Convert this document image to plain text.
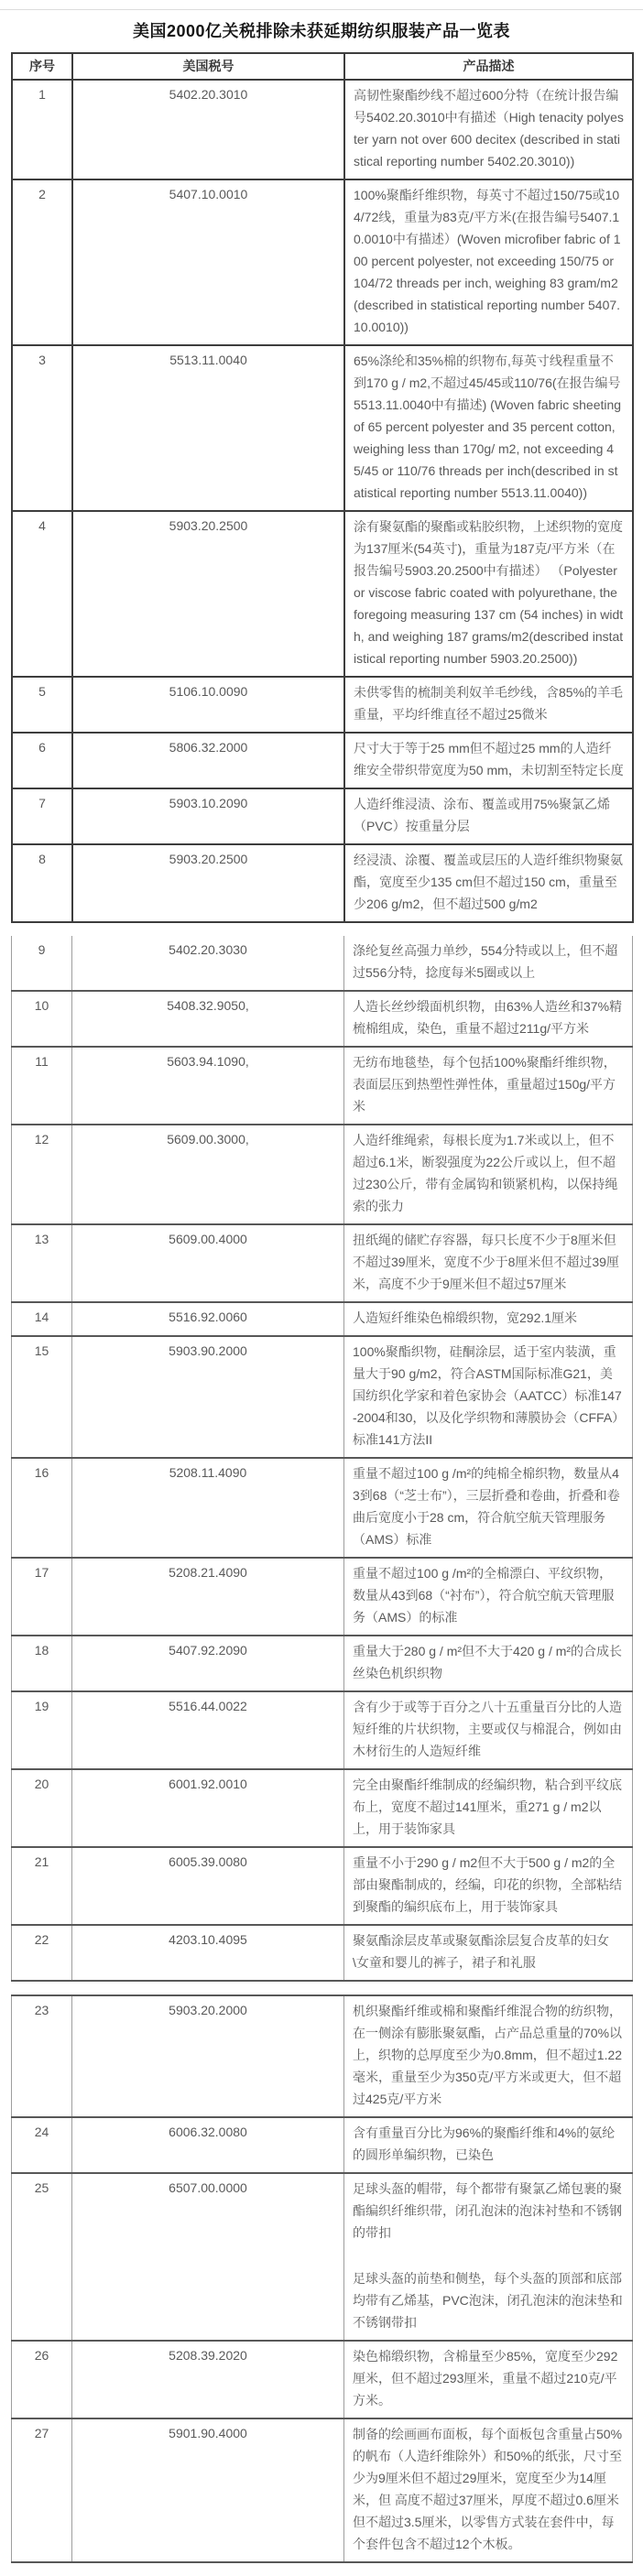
美国2000亿关税排除未获延期纺织服装产品一览表
序号	美国税号	产品描述
1	5402.20.3010	高韧性聚酯纱线不超过600分特（在统计报告编号5402.20.3010中有描述（High tenacity polyester yarn not over 600 decitex (described in statistical reporting number 5402.20.3010))

2	5407.10.0010	100%聚酯纤维织物，每英寸不超过150/75或104/72线，重量为83克/平方米(在报告编号5407.10.0010中有描述）(Woven microfiber fabric of 100 percent polyester, not exceeding 150/75 or 104/72 threads per inch, weighing 83 gram/m2(described in statistical reporting number 5407.10.0010))

3	5513.11.0040	65%涤纶和35%棉的织物布,每英寸线程重量不到170 g / m2,不超过45/45或110/76(在报告编号5513.11.0040中有描述) (Woven fabric sheeting of 65 percent polyester and 35 percent cotton,weighing less than 170g/ m2, not exceeding 45/45 or 110/76 threads per inch(described in statistical reporting number 5513.11.0040))

4	5903.20.2500	涂有聚氨酯的聚酯或粘胶织物，上述织物的宽度为137厘米(54英寸)，重量为187克/平方米（在报告编号5903.20.2500中有描述） （Polyester or viscose fabric coated with polyurethane, the foregoing measuring 137 cm (54 inches) in width, and weighing 187 grams/m2(described instatistical reporting number 5903.20.2500))

5	5106.10.0090	未供零售的梳制美利奴羊毛纱线，含85%的羊毛重量，平均纤维直径不超过25微米

6	5806.32.2000	尺寸大于等于25 mm但不超过25 mm的人造纤维安全带织带宽度为50 mm，未切割至特定长度

7	5903.10.2090	人造纤维浸渍、涂布、覆盖或用75%聚氯乙烯（PVC）按重量分层

8	5903.20.2500	经浸渍、涂覆、覆盖或层压的人造纤维织物聚氨酯，宽度至少135 cm但不超过150 cm，重量至少206 g/m2，但不超过500 g/m2
9	5402.20.3030	涤纶复丝高强力单纱，554分特或以上，但不超过556分特，捻度每米5圈或以上

10	5408.32.9050,	人造长丝纱缎面机织物，由63%人造丝和37%精梳棉组成，染色，重量不超过211g/平方米

11	5603.94.1090,	无纺布地毯垫，每个包括100%聚酯纤维织物，表面层压到热塑性弹性体，重量超过150g/平方米

12	5609.00.3000,	人造纤维绳索，每根长度为1.7米或以上，但不超过6.1米，断裂强度为22公斤或以上，但不超过230公斤，带有金属钩和锁紧机构，以保持绳索的张力

13	5609.00.4000	扭纸绳的储贮存容器，每只长度不少于8厘米但不超过39厘米，宽度不少于8厘米但不超过39厘米，高度不少于9厘米但不超过57厘米

14	5516.92.0060	人造短纤维染色棉缎织物，宽292.1厘米

15	5903.90.2000	100%聚酯织物，硅酮涂层，适于室内装潢，重量大于90 g/m2，符合ASTM国际标准G21，美国纺织化学家和着色家协会（AATCC）标准147-2004和30，以及化学织物和薄膜协会（CFFA）标准141方法II

16	5208.11.4090	重量不超过100 g /m²的纯棉全棉织物，数量从43到68（“芝士布”），三层折叠和卷曲，折叠和卷曲后宽度小于28 cm，符合航空航天管理服务（AMS）标准

17	5208.21.4090	重量不超过100 g /m²的全棉漂白、平纹织物，数量从43到68（“衬布”），符合航空航天管理服务（AMS）的标准

18	5407.92.2090	重量大于280 g / m²但不大于420 g / m²的合成长丝染色机织织物

19	5516.44.0022	含有少于或等于百分之八十五重量百分比的人造短纤维的片状织物，主要或仅与棉混合，例如由木材衍生的人造短纤维

20	6001.92.0010	完全由聚酯纤维制成的经编织物，粘合到平纹底布上，宽度不超过141厘米，重271 g / m2以上，用于装饰家具

21	6005.39.0080	重量不小于290 g / m2但不大于500 g / m2的全部由聚酯制成的，经编，印花的织物，全部粘结到聚酯的编织底布上，用于装饰家具

22	4203.10.4095	聚氨酯涂层皮革或聚氨酯涂层复合皮革的妇女\女童和婴儿的裤子，裙子和礼服
23	5903.20.2000	机织聚酯纤维或棉和聚酯纤维混合物的纺织物，在一侧涂有膨胀聚氨酯，占产品总重量的70%以上，织物的总厚度至少为0.8mm，但不超过1.22毫米，重量至少为350克/平方米或更大，但不超过425克/平方米

24	6006.32.0080	含有重量百分比为96%的聚酯纤维和4%的氨纶的圆形单编织物，已染色

25	6507.00.0000	足球头盔的帽带，每个都带有聚氯乙烯包裹的聚酯编织纤维织带，闭孔泡沫的泡沫衬垫和不锈钢的带扣
足球头盔的前垫和侧垫，每个头盔的顶部和底部均带有乙烯基，PVC泡沫，闭孔泡沫的泡沫垫和不锈钢带扣

26	5208.39.2020	染色棉缎织物，含棉量至少85%，宽度至少292厘米，但不超过293厘米，重量不超过210克/平方米。

27	5901.90.4000	制备的绘画画布面板，每个面板包含重量占50%的帆布（人造纤维除外）和50%的纸张，尺寸至少为9厘米但不超过29厘米，宽度至少为14厘米，但 高度不超过37厘米，厚度不超过0.6厘米但不超过3.5厘米，以零售方式装在套件中，每个套件包含不超过12个木板。
